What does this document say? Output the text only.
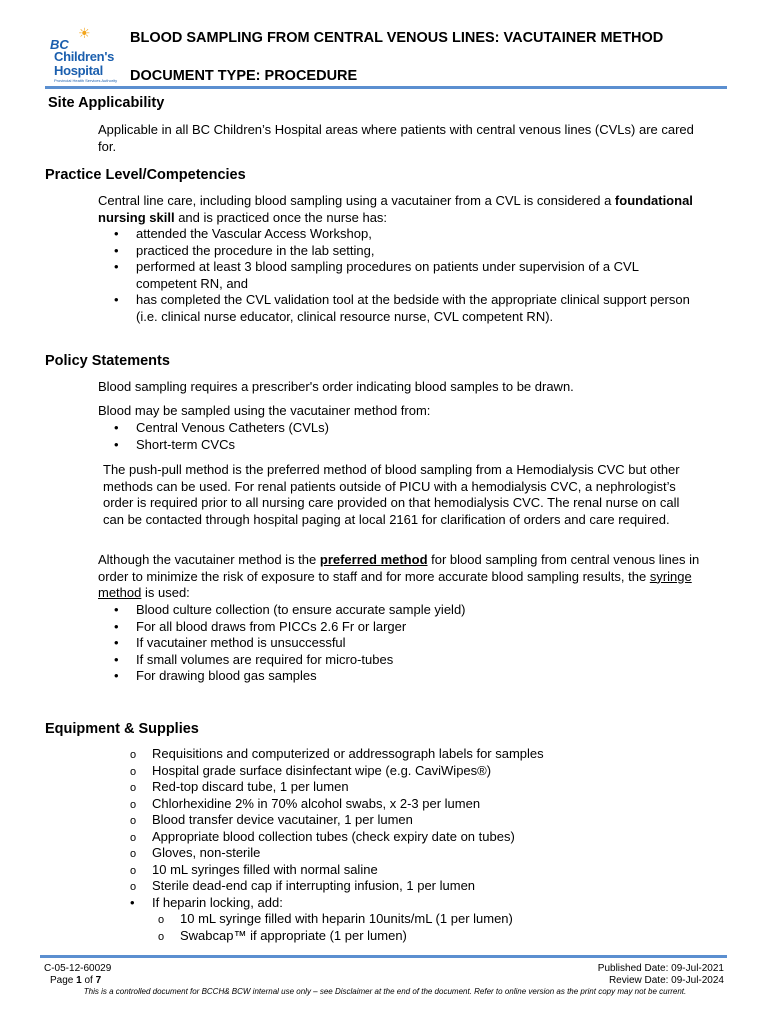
☀
BC
Children's
Hospital
Provincial Health Services Authority
BLOOD SAMPLING FROM CENTRAL VENOUS LINES: VACUTAINER METHOD
DOCUMENT TYPE: PROCEDURE
Site Applicability

Applicable in all BC Children’s Hospital areas where patients with central venous lines (CVLs) are cared for.

Practice Level/Competencies

Central line care, including blood sampling using a vacutainer from a CVL is considered a foundational nursing skill and is practiced once the nurse has:

• attended the Vascular Access Workshop,
• practiced the procedure in the lab setting,
• performed at least 3 blood sampling procedures on patients under supervision of a CVL competent RN, and
• has completed the CVL validation tool at the bedside with the appropriate clinical support person (i.e. clinical nurse educator, clinical resource nurse, CVL competent RN).
Policy Statements

Blood sampling requires a prescriber's order indicating blood samples to be drawn.

Blood may be sampled using the vacutainer method from:

• Central Venous Catheters (CVLs)
• Short-term CVCs

The push-pull method is the preferred method of blood sampling from a Hemodialysis CVC but other methods can be used. For renal patients outside of PICU with a hemodialysis CVC, a nephrologist’s order is required prior to all nursing care provided on that hemodialysis CVC. The renal nurse on call can be contacted through hospital paging at local 2161 for clarification of orders and care required.

Although the vacutainer method is the preferred method for blood sampling from central venous lines in order to minimize the risk of exposure to staff and for more accurate blood sampling results, the syringe method is used:

• Blood culture collection (to ensure accurate sample yield)
• For all blood draws from PICCs 2.6 Fr or larger
• If vacutainer method is unsuccessful
• If small volumes are required for micro-tubes
• For drawing blood gas samples
Equipment & Supplies
o Requisitions and computerized or addressograph labels for samples
o Hospital grade surface disinfectant wipe (e.g. CaviWipes®)
o Red-top discard tube, 1 per lumen
o Chlorhexidine 2% in 70% alcohol swabs, x 2-3 per lumen
o Blood transfer device vacutainer, 1 per lumen
o Appropriate blood collection tubes (check expiry date on tubes)
o Gloves, non-sterile
o 10 mL syringes filled with normal saline
o Sterile dead-end cap if interrupting infusion, 1 per lumen
• If heparin locking, add:
o 10 mL syringe filled with heparin 10units/mL (1 per lumen)
o Swabcap™ if appropriate (1 per lumen)
C-05-12-60029
Page 1 of 7
Published Date: 09-Jul-2021
Review Date: 09-Jul-2024
This is a controlled document for BCCH& BCW internal use only – see Disclaimer at the end of the document. Refer to online version as the print copy may not be current.
